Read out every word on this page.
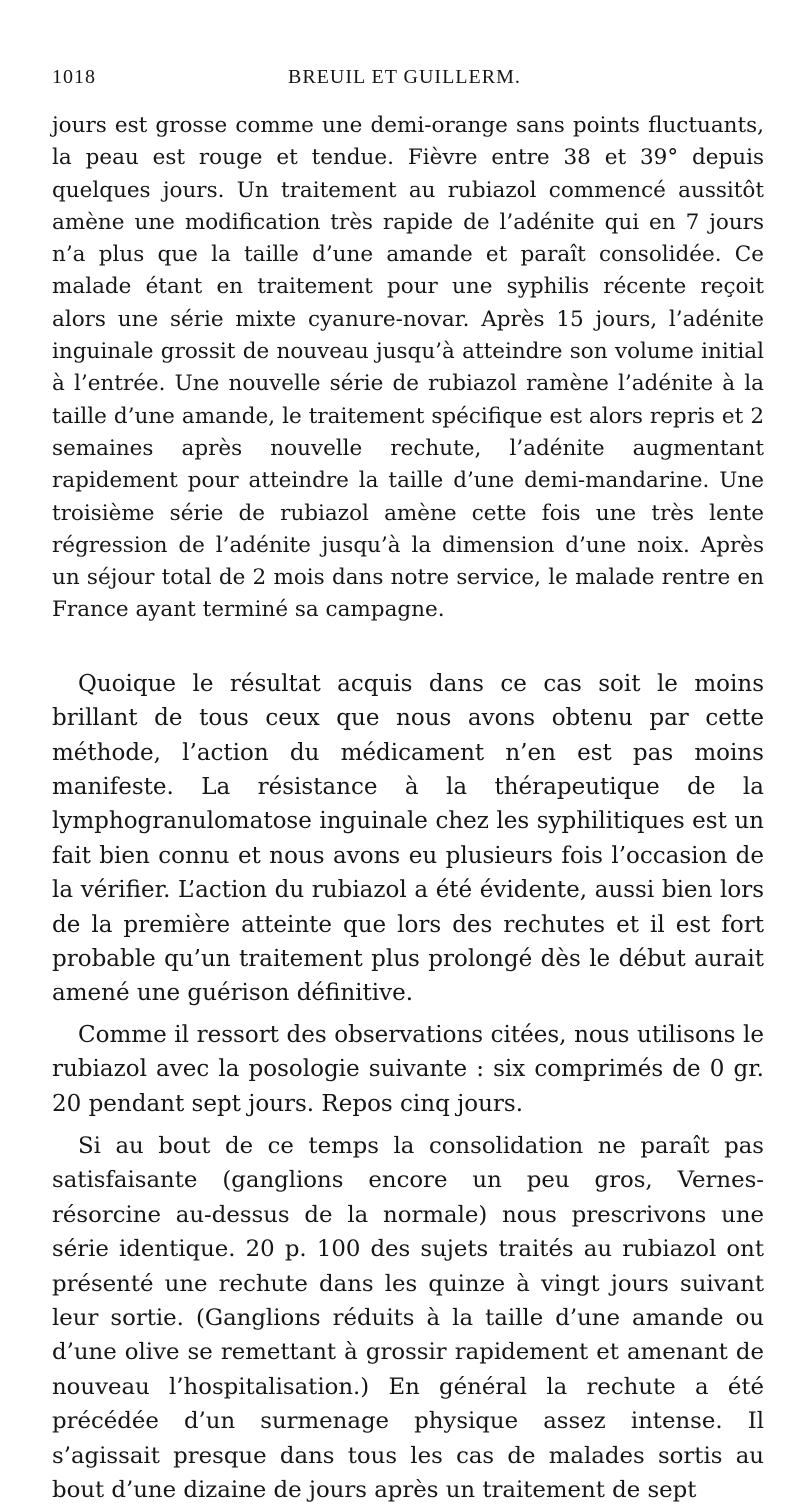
1018	BREUIL ET GUILLERM.

jours est grosse comme une demi-orange sans points fluctuants, la peau est rouge et tendue. Fièvre entre 38 et 39° depuis quelques jours. Un traitement au rubiazol commencé aussitôt amène une modification très rapide de l’adénite qui en 7 jours n’a plus que la taille d’une amande et paraît consolidée. Ce malade étant en traitement pour une syphilis récente reçoit alors une série mixte cyanure-novar. Après 15 jours, l’adénite inguinale grossit de nouveau jusqu’à atteindre son volume initial à l’entrée. Une nouvelle série de rubiazol ramène l’adénite à la taille d’une amande, le traitement spécifique est alors repris et 2 semaines après nouvelle rechute, l’adénite augmentant rapidement pour atteindre la taille d’une demi-mandarine. Une troisième série de rubiazol amène cette fois une très lente régression de l’adénite jusqu’à la dimension d’une noix. Après un séjour total de 2 mois dans notre service, le malade rentre en France ayant terminé sa campagne.

Quoique le résultat acquis dans ce cas soit le moins brillant de tous ceux que nous avons obtenu par cette méthode, l’action du médicament n’en est pas moins manifeste. La résistance à la thérapeutique de la lymphogranulomatose inguinale chez les syphilitiques est un fait bien connu et nous avons eu plusieurs fois l’occasion de la vérifier. L’action du rubiazol a été évidente, aussi bien lors de la première atteinte que lors des rechutes et il est fort probable qu’un traitement plus prolongé dès le début aurait amené une guérison définitive.

Comme il ressort des observations citées, nous utilisons le rubiazol avec la posologie suivante : six comprimés de 0 gr. 20 pendant sept jours. Repos cinq jours.

Si au bout de ce temps la consolidation ne paraît pas satisfaisante (ganglions encore un peu gros, Vernes-résorcine au-dessus de la normale) nous prescrivons une série identique. 20 p. 100 des sujets traités au rubiazol ont présenté une rechute dans les quinze à vingt jours suivant leur sortie. (Ganglions réduits à la taille d’une amande ou d’une olive se remettant à grossir rapidement et amenant de nouveau l’hospitalisation.) En général la rechute a été précédée d’un surmenage physique assez intense. Il s’agissait presque dans tous les cas de malades sortis au bout d’une dizaine de jours après un traitement de sept
